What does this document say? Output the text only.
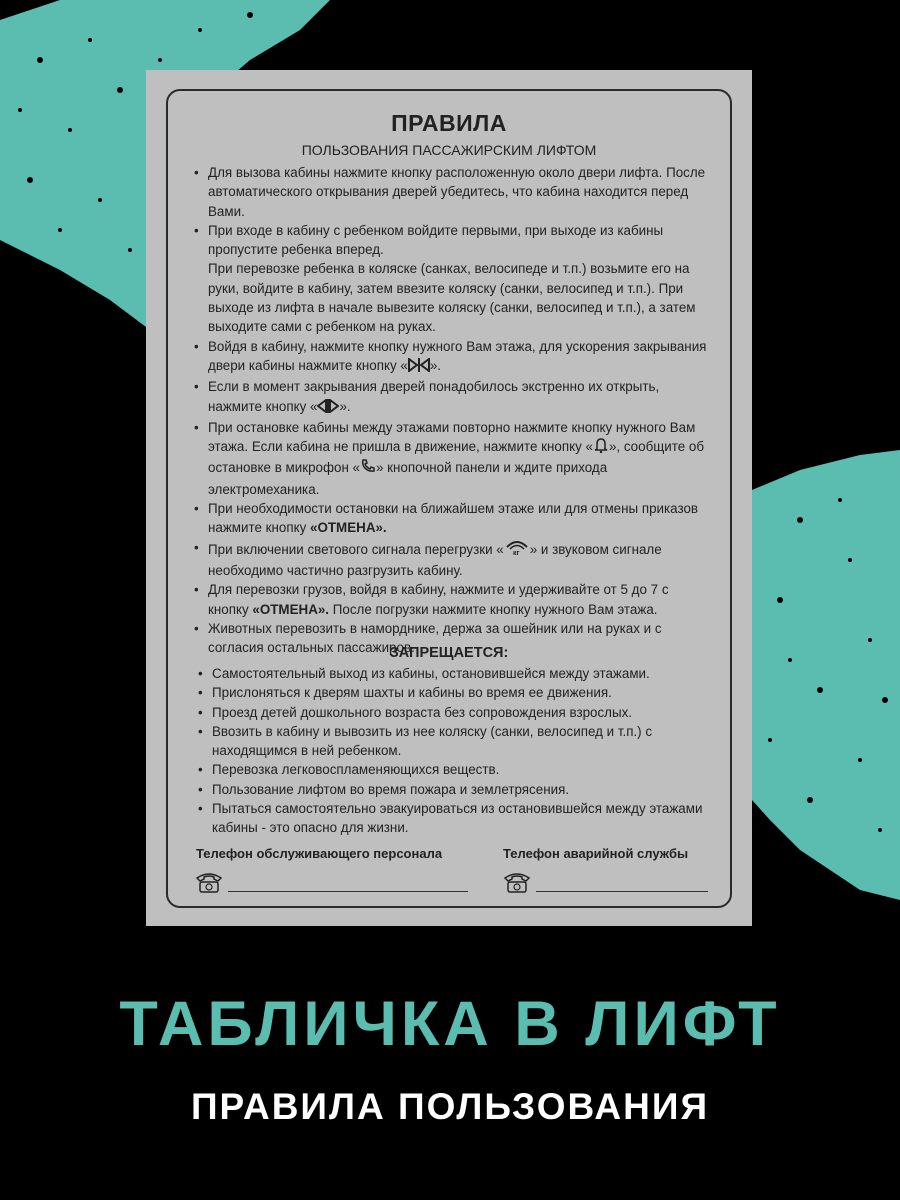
ПРАВИЛА
ПОЛЬЗОВАНИЯ ПАССАЖИРСКИМ ЛИФТОМ
• Для вызова кабины нажмите кнопку расположенную около двери лифта. После автоматического открывания дверей убедитесь, что кабина находится перед Вами.
• При входе в кабину с ребенком войдите первыми, при выходе из кабины пропустите ребенка вперед.
При перевозке ребенка в коляске (санках, велосипеде и т.п.) возьмите его на руки, войдите в кабину, затем ввезите коляску (санки, велосипед и т.п.). При выходе из лифта в начале вывезите коляску (санки, велосипед и т.п.), а затем выходите сами с ребенком на руках.
• Войдя в кабину, нажмите кнопку нужного Вам этажа, для ускорения закрывания двери кабины нажмите кнопку « ».
• Если в момент закрывания дверей понадобилось экстренно их открыть, нажмите кнопку « ».
• При остановке кабины между этажами повторно нажмите кнопку нужного Вам этажа. Если кабина не пришла в движение, нажмите кнопку « », сообщите об остановке в микрофон « » кнопочной панели и ждите прихода электромеханика.
• При необходимости остановки на ближайшем этаже или для отмены приказов нажмите кнопку «ОТМЕНА».
• При включении светового сигнала перегрузки « кг » и звуковом сигнале необходимо частично разгрузить кабину.
• Для перевозки грузов, войдя в кабину, нажмите и удерживайте от 5 до 7 с кнопку «ОТМЕНА». После погрузки нажмите кнопку нужного Вам этажа.
• Животных перевозить в наморднике, держа за ошейник или на руках и с согласия остальных пассажиров.
ЗАПРЕЩАЕТСЯ:
• Самостоятельный выход из кабины, остановившейся между этажами.
• Прислоняться к дверям шахты и кабины во время ее движения.
• Проезд детей дошкольного возраста без сопровождения взрослых.
• Ввозить в кабину и вывозить из нее коляску (санки, велосипед и т.п.) с находящимся в ней ребенком.
• Перевозка легковоспламеняющихся веществ.
• Пользование лифтом во время пожара и землетрясения.
• Пытаться самостоятельно эвакуироваться из остановившейся между этажами кабины - это опасно для жизни.
Телефон обслуживающего персонала	Телефон аварийной службы
ТАБЛИЧКА В ЛИФТ
ПРАВИЛА ПОЛЬЗОВАНИЯ
